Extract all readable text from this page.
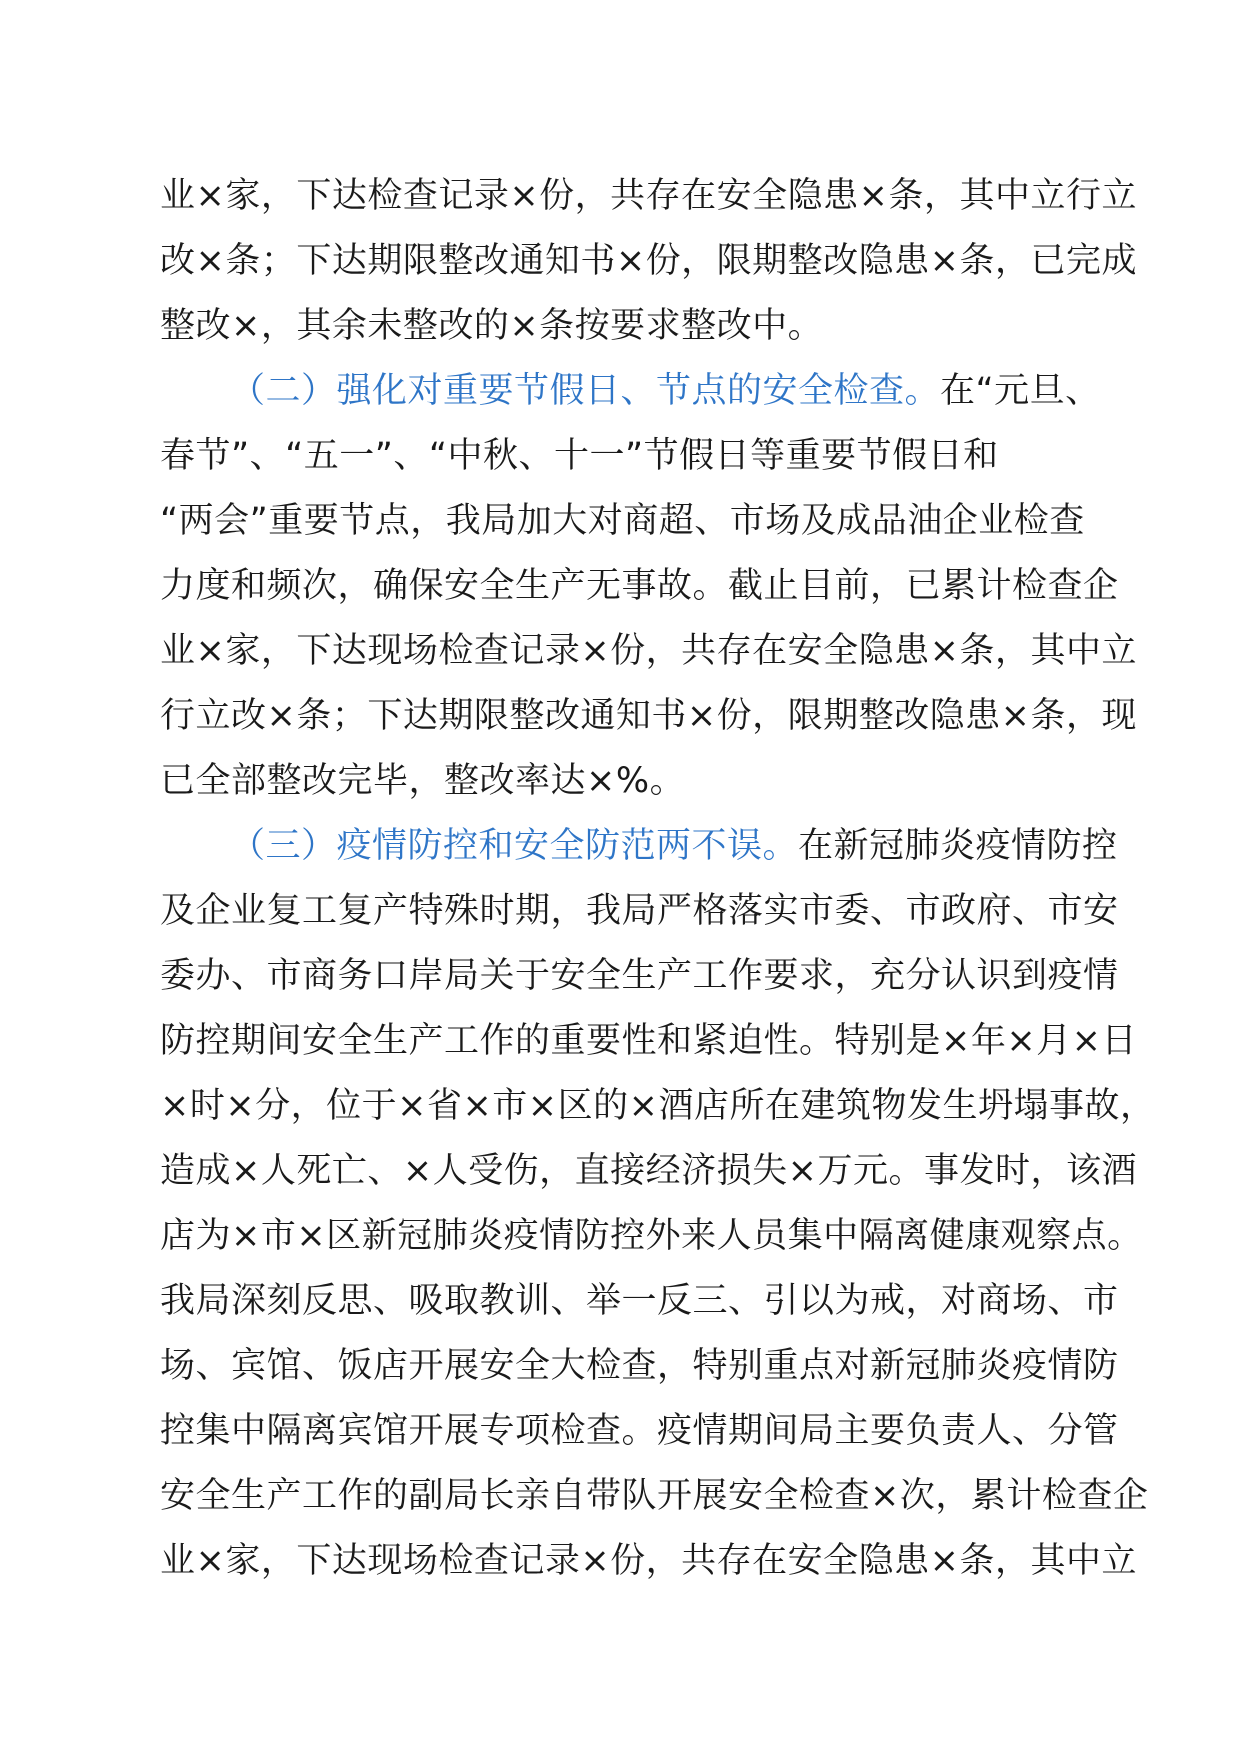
业×家，下达检查记录×份，共存在安全隐患×条，其中立行立
改×条；下达期限整改通知书×份，限期整改隐患×条，已完成
整改×，其余未整改的×条按要求整改中。
（二）强化对重要节假日、节点的安全检查。在“元旦、
春节”、“五一”、“中秋、十一”节假日等重要节假日和
“两会”重要节点，我局加大对商超、市场及成品油企业检查
力度和频次，确保安全生产无事故。截止目前，已累计检查企
业×家，下达现场检查记录×份，共存在安全隐患×条，其中立
行立改×条；下达期限整改通知书×份，限期整改隐患×条，现
已全部整改完毕，整改率达×%。
（三）疫情防控和安全防范两不误。在新冠肺炎疫情防控
及企业复工复产特殊时期，我局严格落实市委、市政府、市安
委办、市商务口岸局关于安全生产工作要求，充分认识到疫情
防控期间安全生产工作的重要性和紧迫性。特别是×年×月×日
×时×分，位于×省×市×区的×酒店所在建筑物发生坍塌事故，
造成×人死亡、×人受伤，直接经济损失×万元。事发时，该酒
店为×市×区新冠肺炎疫情防控外来人员集中隔离健康观察点。
我局深刻反思、吸取教训、举一反三、引以为戒，对商场、市
场、宾馆、饭店开展安全大检查，特别重点对新冠肺炎疫情防
控集中隔离宾馆开展专项检查。疫情期间局主要负责人、分管
安全生产工作的副局长亲自带队开展安全检查×次，累计检查企
业×家，下达现场检查记录×份，共存在安全隐患×条，其中立
